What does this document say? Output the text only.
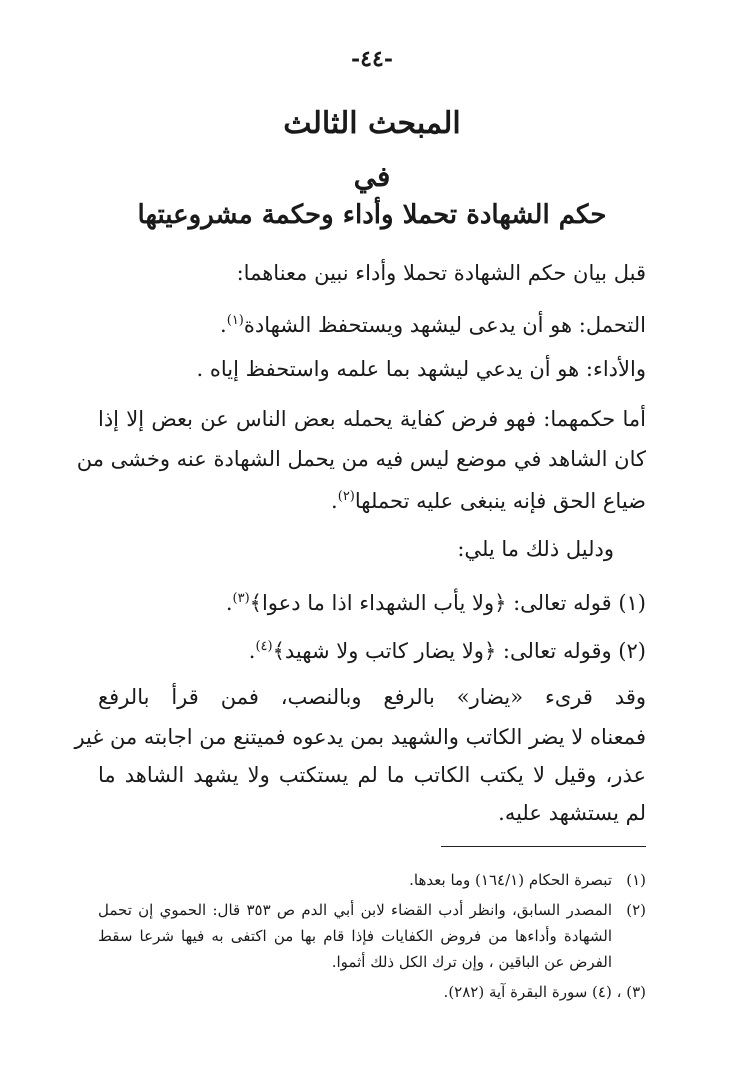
-٤٤-
المبحث الثالث
في
حكم الشهادة تحملا وأداء وحكمة مشروعيتها
قبل بيان حكم الشهادة تحملا وأداء نبين معناهما:
التحمل: هو أن يدعى ليشهد ويستحفظ الشهادة$^{(١)}$.
والأداء: هو أن يدعي ليشهد بما علمه واستحفظ إياه .
أما حكمهما: فهو فرض كفاية يحمله بعض الناس عن بعض إلا إذا
كان الشاهد في موضع ليس فيه من يحمل الشهادة عنه وخشى من
ضياع الحق فإنه ينبغى عليه تحملها$^{(٢)}$.
ودليل ذلك ما يلي:
(١) قوله تعالى: ﴿ولا يأب الشهداء اذا ما دعوا﴾$^{(٣)}$.
(٢) وقوله تعالى: ﴿ولا يضار كاتب ولا شهيد﴾$^{(٤)}$.
وقد قرىء «يضار» بالرفع وبالنصب، فمن قرأ بالرفع
فمعناه لا يضر الكاتب والشهيد بمن يدعوه فميتنع من اجابته من غير
عذر، وقيل لا يكتب الكاتب ما لم يستكتب ولا يشهد الشاهد ما
لم يستشهد عليه.
(١)تبصرة الحكام (١٦٤/١) وما بعدها.
(٢)المصدر السابق، وانظر أدب القضاء لابن أبي الدم ص ٣٥٣ قال: الحموي إن تحمل
الشهادة وأداءها من فروض الكفايات فإذا قام بها من اكتفى به فيها شرعا سقط
الفرض عن الباقين ، وإن ترك الكل ذلك أثموا.
(٣) ، (٤) سورة البقرة آية (٢٨٢).
